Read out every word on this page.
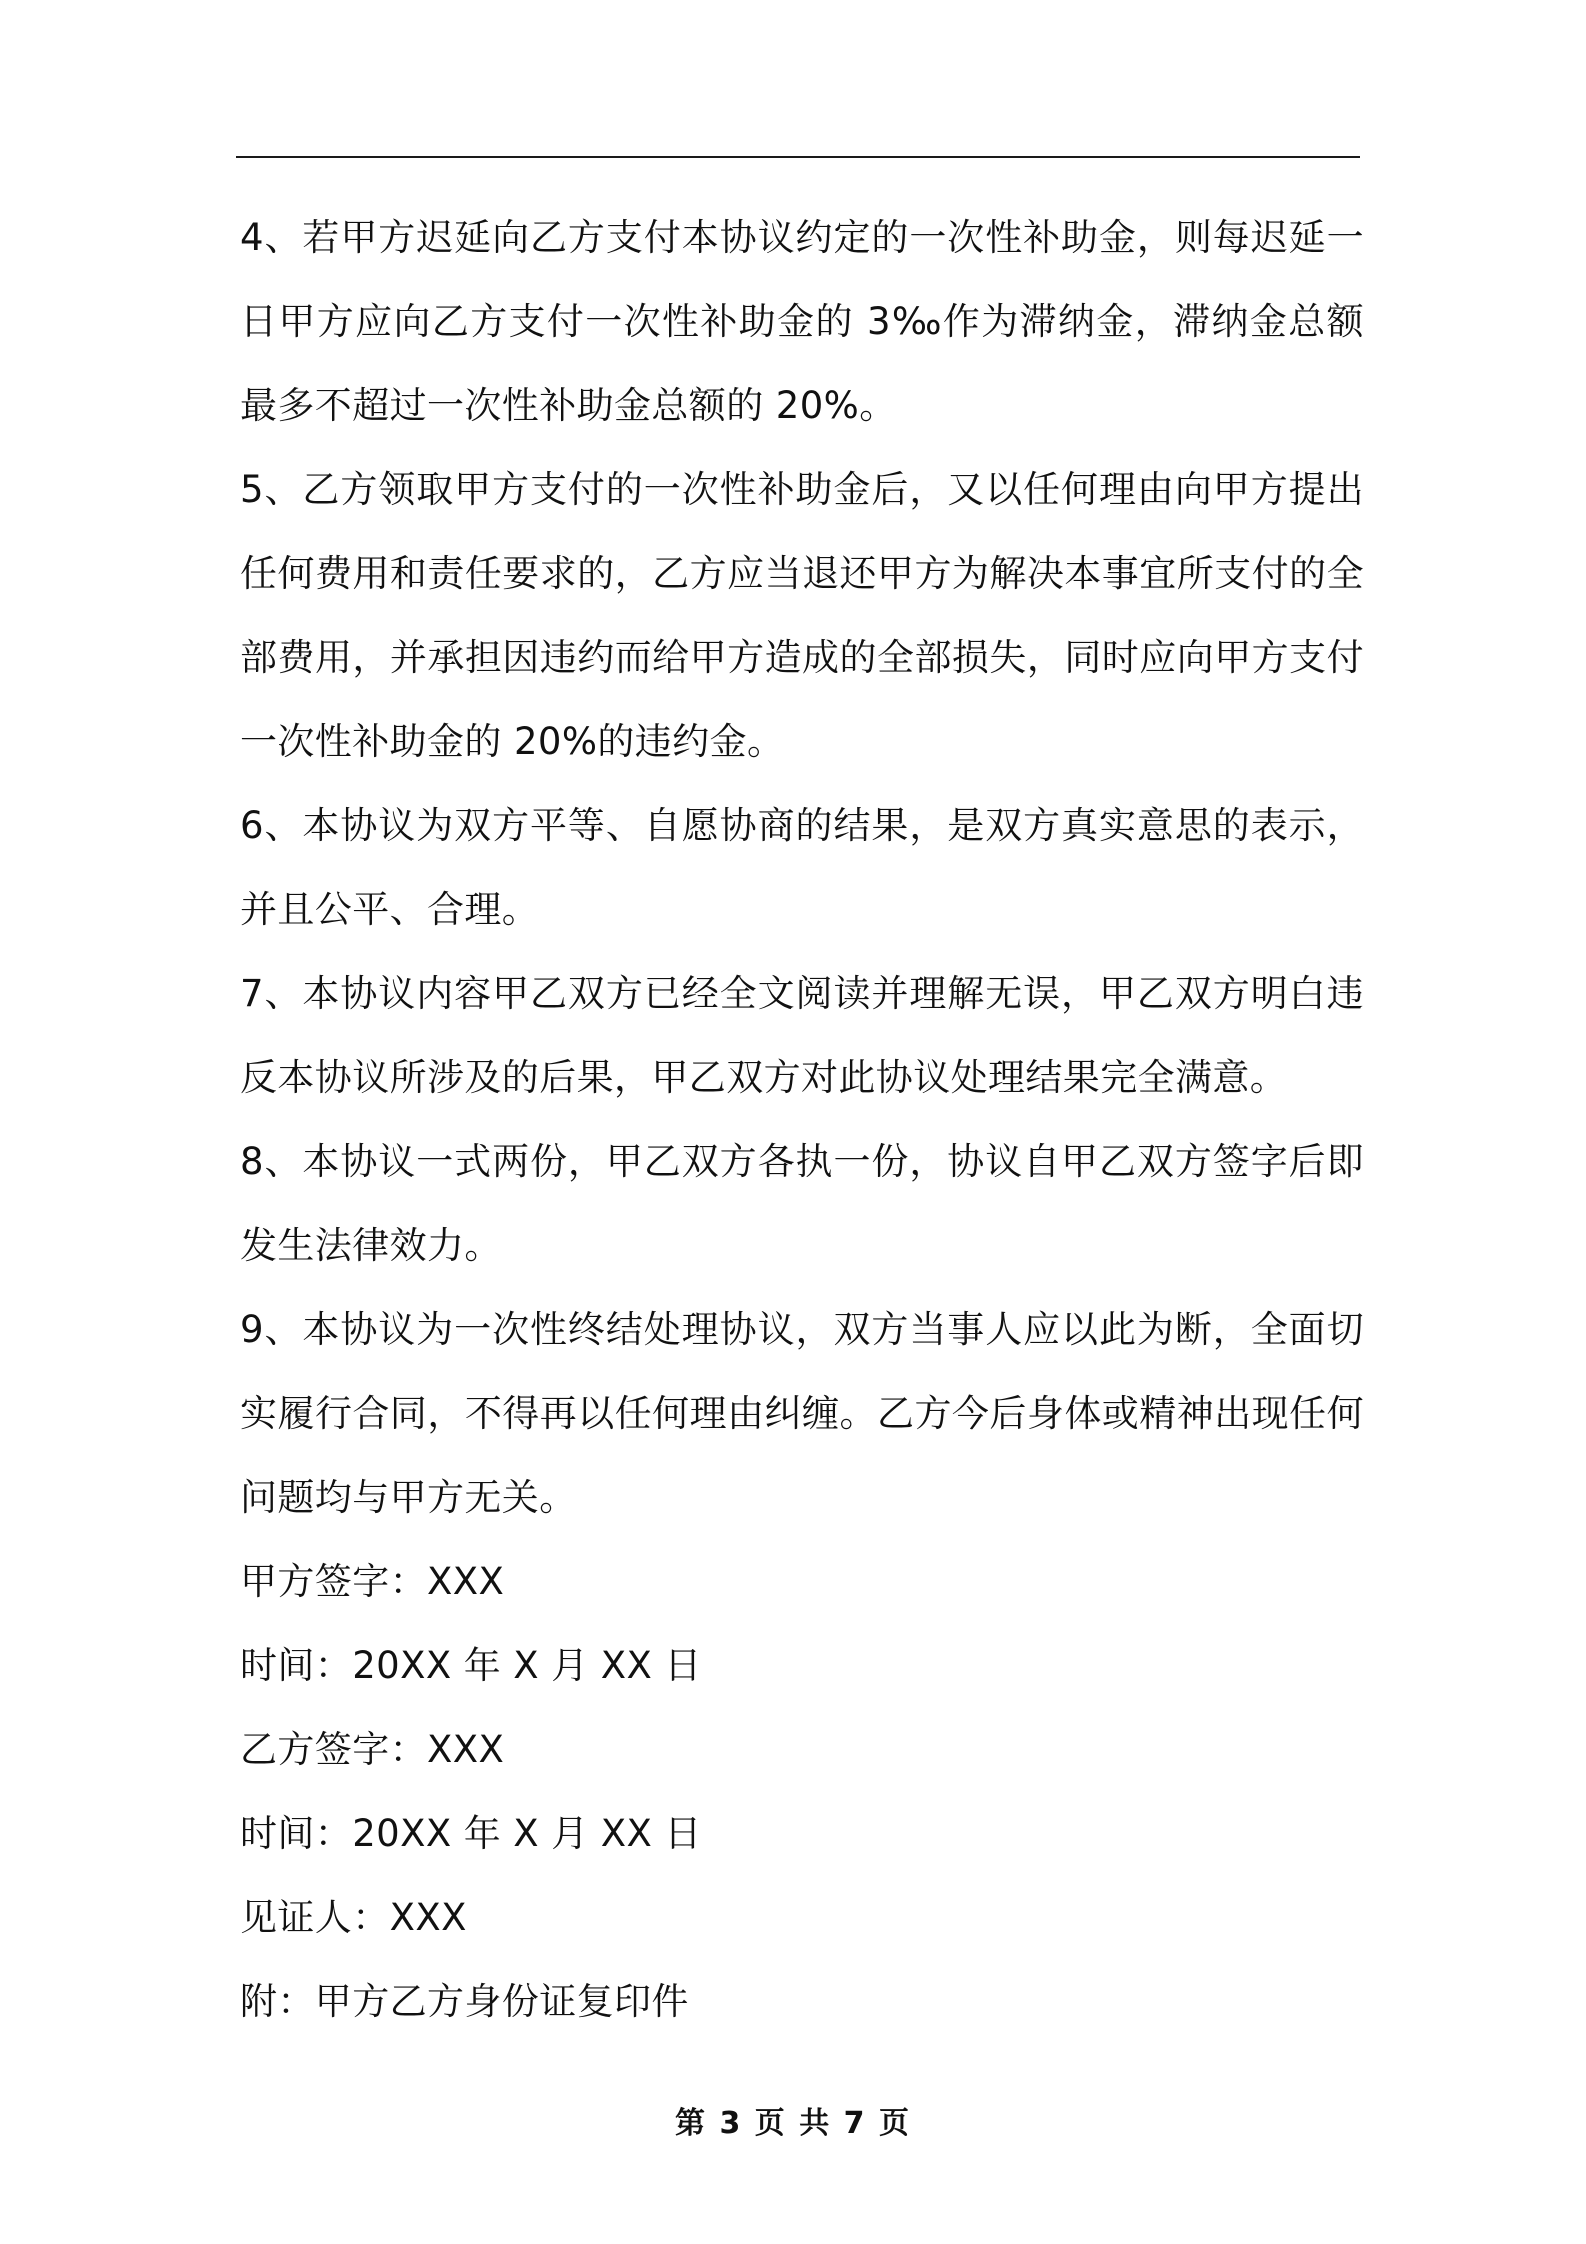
4、若甲方迟延向乙方支付本协议约定的一次性补助金，则每迟延一日甲方应向乙方支付一次性补助金的 3‰作为滞纳金，滞纳金总额最多不超过一次性补助金总额的 20%。

5、乙方领取甲方支付的一次性补助金后，又以任何理由向甲方提出任何费用和责任要求的，乙方应当退还甲方为解决本事宜所支付的全部费用，并承担因违约而给甲方造成的全部损失，同时应向甲方支付一次性补助金的 20%的违约金。

6、本协议为双方平等、自愿协商的结果，是双方真实意思的表示，并且公平、合理。

7、本协议内容甲乙双方已经全文阅读并理解无误，甲乙双方明白违反本协议所涉及的后果，甲乙双方对此协议处理结果完全满意。

8、本协议一式两份，甲乙双方各执一份，协议自甲乙双方签字后即发生法律效力。

9、本协议为一次性终结处理协议，双方当事人应以此为断，全面切实履行合同，不得再以任何理由纠缠。乙方今后身体或精神出现任何问题均与甲方无关。

甲方签字：XXX

时间：20XX 年 X 月 XX 日

乙方签字：XXX

时间：20XX 年 X 月 XX 日

见证人：XXX

附：甲方乙方身份证复印件

第 3 页 共 7 页
